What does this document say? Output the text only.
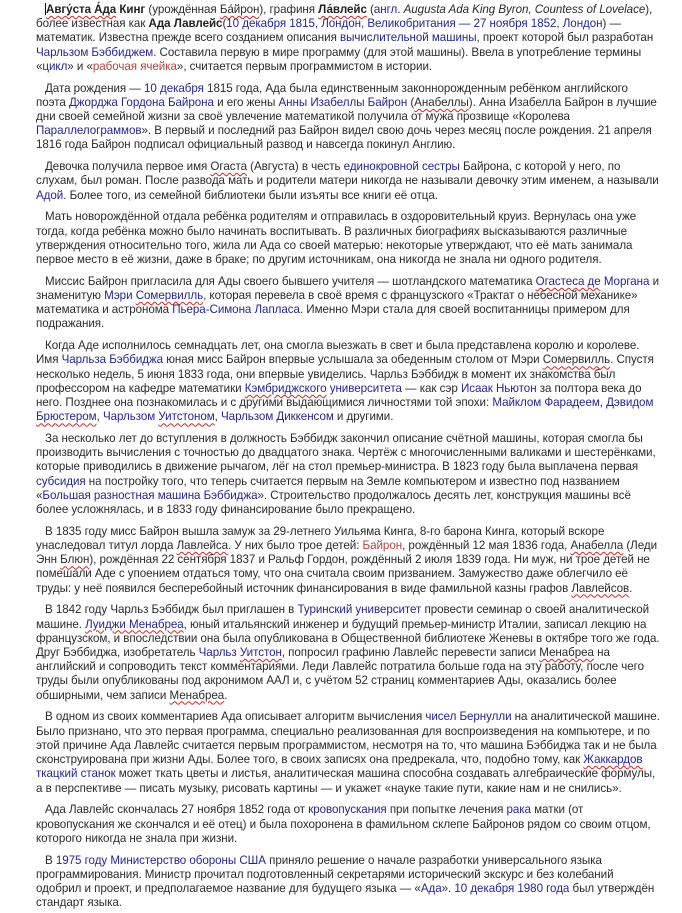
Авгу́ста А́да Кинг (урождённая Ба́йрон), графиня Ла́влейс (англ. Augusta Ada King Byron, Countess of Lovelace), более известная как Ада Лавлейс(10 декабря 1815, Лондон, Великобритания — 27 ноября 1852, Лондон) — математик. Известна прежде всего созданием описания вычислительной машины, проект которой был разработан Чарльзом Бэббиджем. Составила первую в мире программу (для этой машины). Ввела в употребление термины «цикл» и «рабочая ячейка», считается первым программистом в истории.

Дата рождения — 10 декабря 1815 года, Ада была единственным законнорожденным ребёнком английского поэта Джорджа Гордона Байрона и его жены Анны Изабеллы Байрон (Анабеллы). Анна Изабелла Байрон в лучшие дни своей семейной жизни за своё увлечение математикой получила от мужа прозвище «Королева Параллелограммов». В первый и последний раз Байрон видел свою дочь через месяц после рождения. 21 апреля 1816 года Байрон подписал официальный развод и навсегда покинул Англию.

Девочка получила первое имя Огаста (Августа) в честь единокровной сестры Байрона, с которой у него, по слухам, был роман. После развода мать и родители матери никогда не называли девочку этим именем, а называли Адой. Более того, из семейной библиотеки были изъяты все книги её отца.

Мать новорождённой отдала ребёнка родителям и отправилась в оздоровительный круиз. Вернулась она уже тогда, когда ребёнка можно было начинать воспитывать. В различных биографиях высказываются различные утверждения относительно того, жила ли Ада со своей матерью: некоторые утверждают, что её мать занимала первое место в её жизни, даже в браке; по другим источникам, она никогда не знала ни одного родителя.

Миссис Байрон пригласила для Ады своего бывшего учителя — шотландского математика Огастеса де Моргана и знаменитую Мэри Сомервилль, которая перевела в своё время с французского «Трактат о небесной механике» математика и астронома Пьера-Симона Лапласа. Именно Мэри стала для своей воспитанницы примером для подражания.

Когда Аде исполнилось семнадцать лет, она смогла выезжать в свет и была представлена королю и королеве. Имя Чарльза Бэббиджа юная мисс Байрон впервые услышала за обеденным столом от Мэри Сомервилль. Спустя несколько недель, 5 июня 1833 года, они впервые увиделись. Чарльз Бэббидж в момент их знакомства был профессором на кафедре математики Кэмбриджского университета — как сэр Исаак Ньютон за полтора века до него. Позднее она познакомилась и с другими выдающимися личностями той эпохи: Майклом Фарадеем, Дэвидом Брюстером, Чарльзом Уитстоном, Чарльзом Диккенсом и другими.

За несколько лет до вступления в должность Бэббидж закончил описание счётной машины, которая смогла бы производить вычисления с точностью до двадцатого знака. Чертёж с многочисленными валиками и шестерёнками, которые приводились в движение рычагом, лёг на стол премьер-министра. В 1823 году была выплачена первая субсидия на постройку того, что теперь считается первым на Земле компьютером и известно под названием «Большая разностная машина Бэббиджа». Строительство продолжалось десять лет, конструкция машины всё более усложнялась, и в 1833 году финансирование было прекращено.

В 1835 году мисс Байрон вышла замуж за 29-летнего Уильяма Кинга, 8-го барона Кинга, который вскоре унаследовал титул лорда Лавлейса. У них было трое детей: Байрон, рождённый 12 мая 1836 года, Анабелла (Леди Энн Блюн), рождённая 22 сентября 1837 и Ральф Гордон, рождённый 2 июля 1839 года. Ни муж, ни трое детей не помешали Аде с упоением отдаться тому, что она считала своим призванием. Замужество даже облегчило её труды: у неё появился бесперебойный источник финансирования в виде фамильной казны графов Лавлейсов.

В 1842 году Чарльз Бэббидж был приглашен в Туринский университет провести семинар о своей аналитической машине. Луиджи Менабреа, юный итальянский инженер и будущий премьер-министр Италии, записал лекцию на французском, и впоследствии она была опубликована в Общественной библиотеке Женевы в октябре того же года. Друг Бэббиджа, изобретатель Чарльз Уитстон, попросил графиню Лавлейс перевести записи Менабреа на английский и сопроводить текст комментариями. Леди Лавлейс потратила больше года на эту работу, после чего труды были опубликованы под акронимом ААЛ и, с учётом 52 страниц комментариев Ады, оказались более обширными, чем записи Менабреа.

В одном из своих комментариев Ада описывает алгоритм вычисления чисел Бернулли на аналитической машине. Было признано, что это первая программа, специально реализованная для воспроизведения на компьютере, и по этой причине Ада Лавлейс считается первым программистом, несмотря на то, что машина Бэббиджа так и не была сконструирована при жизни Ады. Более того, в своих записях она предрекала, что, подобно тому, как Жаккардов ткацкий станок может ткать цветы и листья, аналитическая машина способна создавать алгебраические формулы, а в перспективе — писать музыку, рисовать картины — и укажет «науке такие пути, какие нам и не снились».

Ада Лавлейс скончалась 27 ноября 1852 года от кровопускания при попытке лечения рака матки (от кровопускания же скончался и её отец) и была похоронена в фамильном склепе Байронов рядом со своим отцом, которого никогда не знала при жизни.

В 1975 году Министерство обороны США приняло решение о начале разработки универсального языка программирования. Министр прочитал подготовленный секретарями исторический экскурс и без колебаний одобрил и проект, и предполагаемое название для будущего языка — «Ада». 10 декабря 1980 года был утверждён стандарт языка.
